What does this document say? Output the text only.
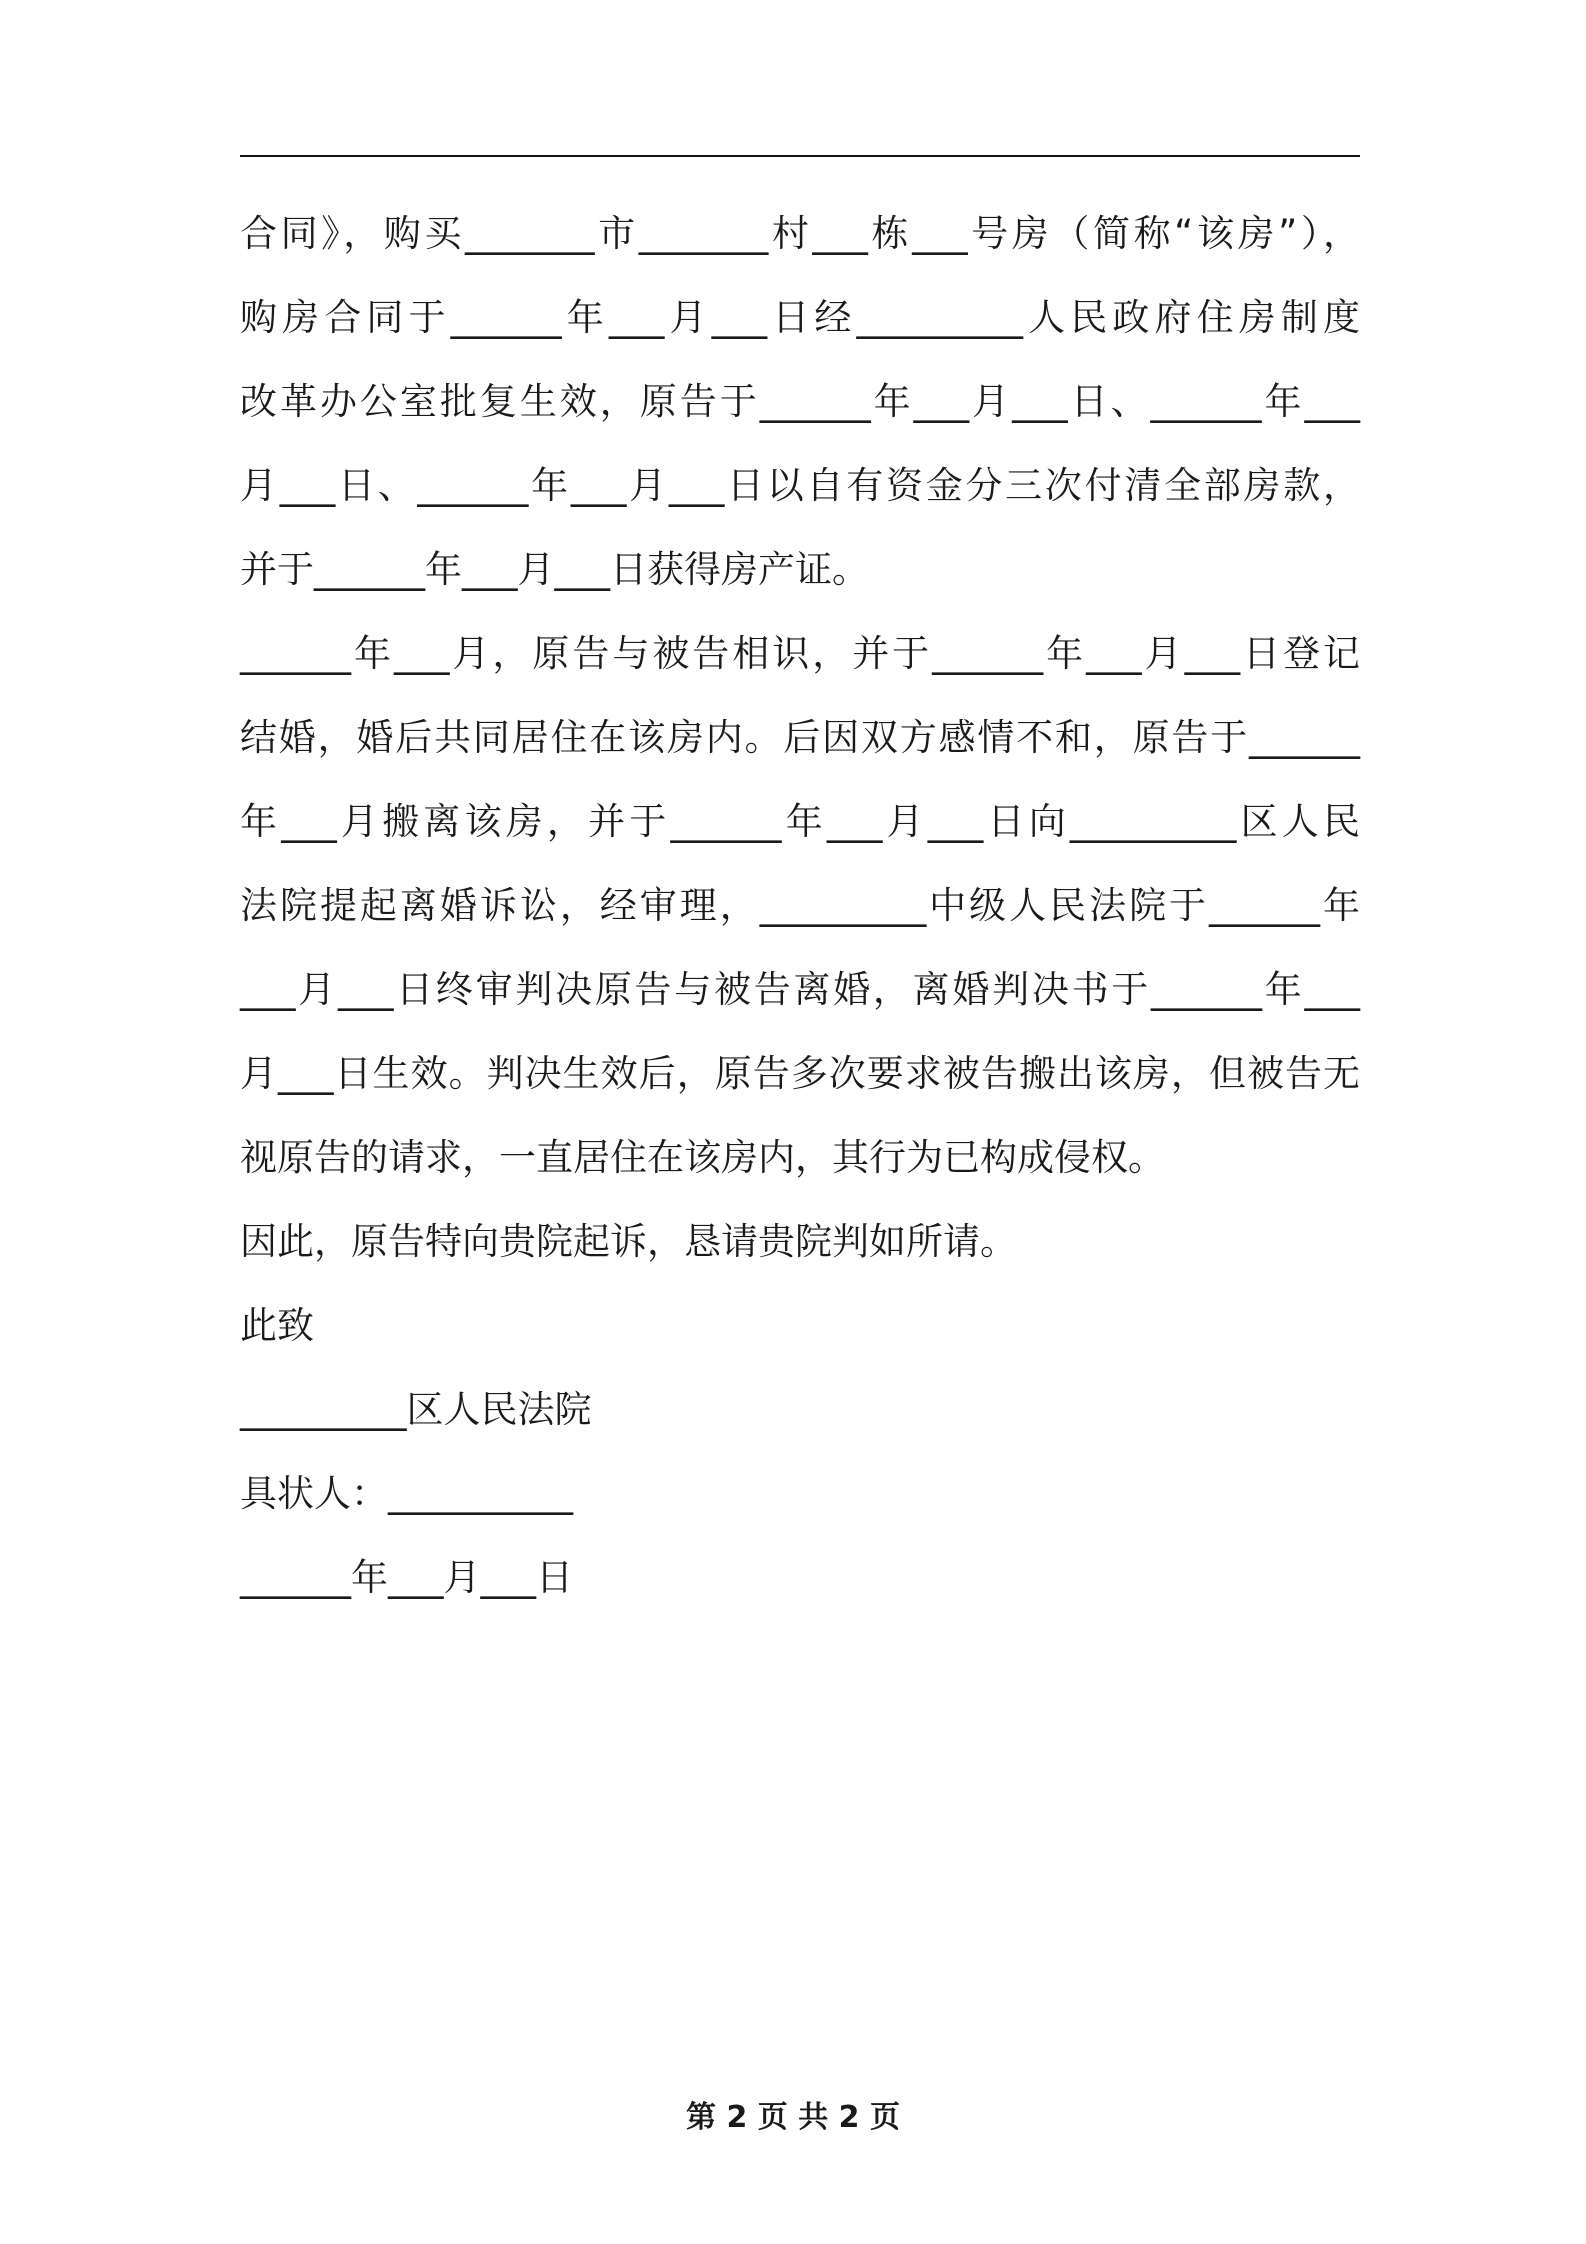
合同》，购买_______市_______村___栋___号房（简称“该房”），
购房合同于______年___月___日经_________人民政府住房制度
改革办公室批复生效，原告于______年___月___日、______年___
月___日、______年___月___日以自有资金分三次付清全部房款，
并于______年___月___日获得房产证。
______年___月，原告与被告相识，并于______年___月___日登记
结婚，婚后共同居住在该房内。后因双方感情不和，原告于______
年___月搬离该房，并于______年___月___日向_________区人民
法院提起离婚诉讼，经审理，_________中级人民法院于______年
___月___日终审判决原告与被告离婚，离婚判决书于______年___
月___日生效。判决生效后，原告多次要求被告搬出该房，但被告无
视原告的请求，一直居住在该房内，其行为已构成侵权。
因此，原告特向贵院起诉，恳请贵院判如所请。
此致
_________区人民法院
具状人：__________
______年___月___日
第 2 页 共 2 页
